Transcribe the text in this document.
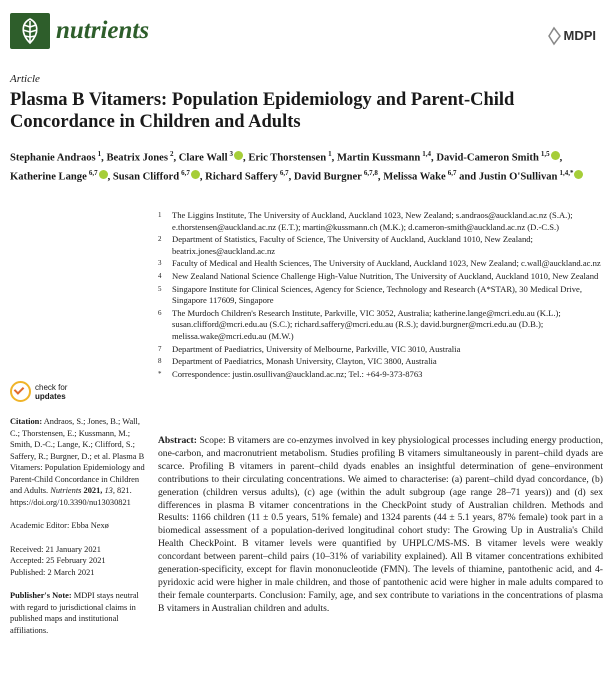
nutrients	MDPI
Article
Plasma B Vitamers: Population Epidemiology and Parent-Child Concordance in Children and Adults
Stephanie Andraos $^1$, Beatrix Jones $^2$, Clare Wall $^3$ , Eric Thorstensen $^1$, Martin Kussmann $^{1,4}$, David-Cameron Smith $^{1,5}$ , Katherine Lange $^{6,7}$ , Susan Clifford $^{6,7}$ , Richard Saffery $^{6,7}$, David Burgner $^{6,7,8}$, Melissa Wake $^{6,7}$ and Justin O'Sullivan $^{1,4,*}$
1	The Liggins Institute, The University of Auckland, Auckland 1023, New Zealand; s.andraos@auckland.ac.nz (S.A.); e.thorstensen@auckland.ac.nz (E.T.); martin@kussmann.ch (M.K.); d.cameron-smith@auckland.ac.nz (D.-C.S.)
2	Department of Statistics, Faculty of Science, The University of Auckland, Auckland 1010, New Zealand; beatrix.jones@auckland.ac.nz
3	Faculty of Medical and Health Sciences, The University of Auckland, Auckland 1023, New Zealand; c.wall@auckland.ac.nz
4	New Zealand National Science Challenge High-Value Nutrition, The University of Auckland, Auckland 1010, New Zealand
5	Singapore Institute for Clinical Sciences, Agency for Science, Technology and Research (A*STAR), 30 Medical Drive, Singapore 117609, Singapore
6	The Murdoch Children's Research Institute, Parkville, VIC 3052, Australia; katherine.lange@mcri.edu.au (K.L.); susan.clifford@mcri.edu.au (S.C.); richard.saffery@mcri.edu.au (R.S.); david.burgner@mcri.edu.au (D.B.); melissa.wake@mcri.edu.au (M.W.)
7	Department of Paediatrics, University of Melbourne, Parkville, VIC 3010, Australia
8	Department of Paediatrics, Monash University, Clayton, VIC 3800, Australia
*	Correspondence: justin.osullivan@auckland.ac.nz; Tel.: +64-9-373-8763
check for
updates
Citation: Andraos, S.; Jones, B.; Wall, C.; Thorstensen, E.; Kussmann, M.; Smith, D.-C.; Lange, K.; Clifford, S.; Saffery, R.; Burgner, D.; et al. Plasma B Vitamers: Population Epidemiology and Parent-Child Concordance in Children and Adults. Nutrients 2021, 13, 821. https://doi.org/10.3390/nu13030821
Academic Editor: Ebba Nexø
Received: 21 January 2021
Accepted: 25 February 2021
Published: 2 March 2021
Publisher's Note: MDPI stays neutral with regard to jurisdictional claims in published maps and institutional affiliations.
Abstract: Scope: B vitamers are co-enzymes involved in key physiological processes including energy production, one-carbon, and macronutrient metabolism. Studies profiling B vitamers simultaneously in parent–child dyads are scarce. Profiling B vitamers in parent–child dyads enables an insightful determination of gene–environment contributions to their circulating concentrations. We aimed to characterise: (a) parent–child dyad concordance, (b) generation (children versus adults), (c) age (within the adult subgroup (age range 28–71 years)) and (d) sex differences in plasma B vitamer concentrations in the CheckPoint study of Australian children. Methods and Results: 1166 children (11 ± 0.5 years, 51% female) and 1324 parents (44 ± 5.1 years, 87% female) took part in a biomedical assessment of a population-derived longitudinal cohort study: The Growing Up in Australia's Child Health CheckPoint. B vitamer levels were quantified by UHPLC/MS-MS. B vitamer levels were weakly concordant between parent–child pairs (10–31% of variability explained). All B vitamer concentrations exhibited generation-specificity, except for flavin mononucleotide (FMN). The levels of thiamine, pantothenic acid, and 4-pyridoxic acid were higher in male children, and those of pantothenic acid were higher in male adults compared to their female counterparts. Conclusion: Family, age, and sex contribute to variations in the concentrations of plasma B vitamers in Australian children and adults.
